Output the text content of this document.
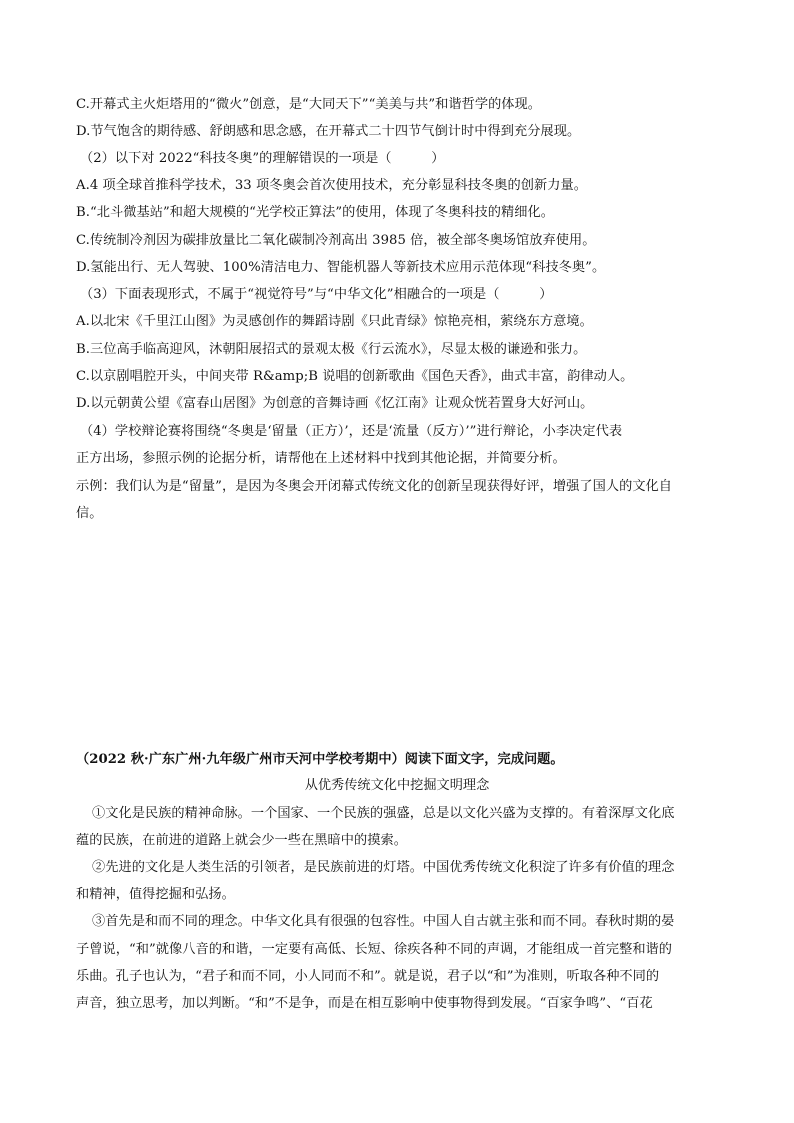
C.开幕式主火炬塔用的“微火”创意，是“大同天下”“美美与共”和谐哲学的体现。
D.节气饱含的期待感、舒朗感和思念感，在开幕式二十四节气倒计时中得到充分展现。
（2）以下对 2022“科技冬奥”的理解错误的一项是（　　　）
A.4 项全球首推科学技术，33 项冬奥会首次使用技术，充分彰显科技冬奥的创新力量。
B.“北斗微基站”和超大规模的“光学校正算法”的使用，体现了冬奥科技的精细化。
C.传统制冷剂因为碳排放量比二氧化碳制冷剂高出 3985 倍，被全部冬奥场馆放弃使用。
D.氢能出行、无人驾驶、100%清洁电力、智能机器人等新技术应用示范体现“科技冬奥”。
（3）下面表现形式，不属于“视觉符号”与“中华文化”相融合的一项是（　　　）
A.以北宋《千里江山图》为灵感创作的舞蹈诗剧《只此青绿》惊艳亮相，萦绕东方意境。
B.三位高手临高迎风，沐朝阳展招式的景观太极《行云流水》，尽显太极的谦逊和张力。
C.以京剧唱腔开头，中间夹带 R&amp;B 说唱的创新歌曲《国色天香》，曲式丰富，韵律动人。
D.以元朝黄公望《富春山居图》为创意的音舞诗画《忆江南》让观众恍若置身大好河山。
（4）学校辩论赛将围绕“冬奥是‘留量（正方）’，还是‘流量（反方）’”进行辩论，小李决定代表
正方出场，参照示例的论据分析，请帮他在上述材料中找到其他论据，并简要分析。
示例：我们认为是“留量”，是因为冬奥会开闭幕式传统文化的创新呈现获得好评，增强了国人的文化自
信。
（2022 秋·广东广州·九年级广州市天河中学校考期中）阅读下面文字，完成问题。
从优秀传统文化中挖掘文明理念
①文化是民族的精神命脉。一个国家、一个民族的强盛，总是以文化兴盛为支撑的。有着深厚文化底
蕴的民族，在前进的道路上就会少一些在黑暗中的摸索。
②先进的文化是人类生活的引领者，是民族前进的灯塔。中国优秀传统文化积淀了许多有价值的理念
和精神，值得挖掘和弘扬。
③首先是和而不同的理念。中华文化具有很强的包容性。中国人自古就主张和而不同。春秋时期的晏
子曾说，“和”就像八音的和谐，一定要有高低、长短、徐疾各种不同的声调，才能组成一首完整和谐的
乐曲。孔子也认为，“君子和而不同，小人同而不和”。就是说，君子以“和”为准则，听取各种不同的
声音，独立思考，加以判断。“和”不是争，而是在相互影响中使事物得到发展。“百家争鸣”、“百花
